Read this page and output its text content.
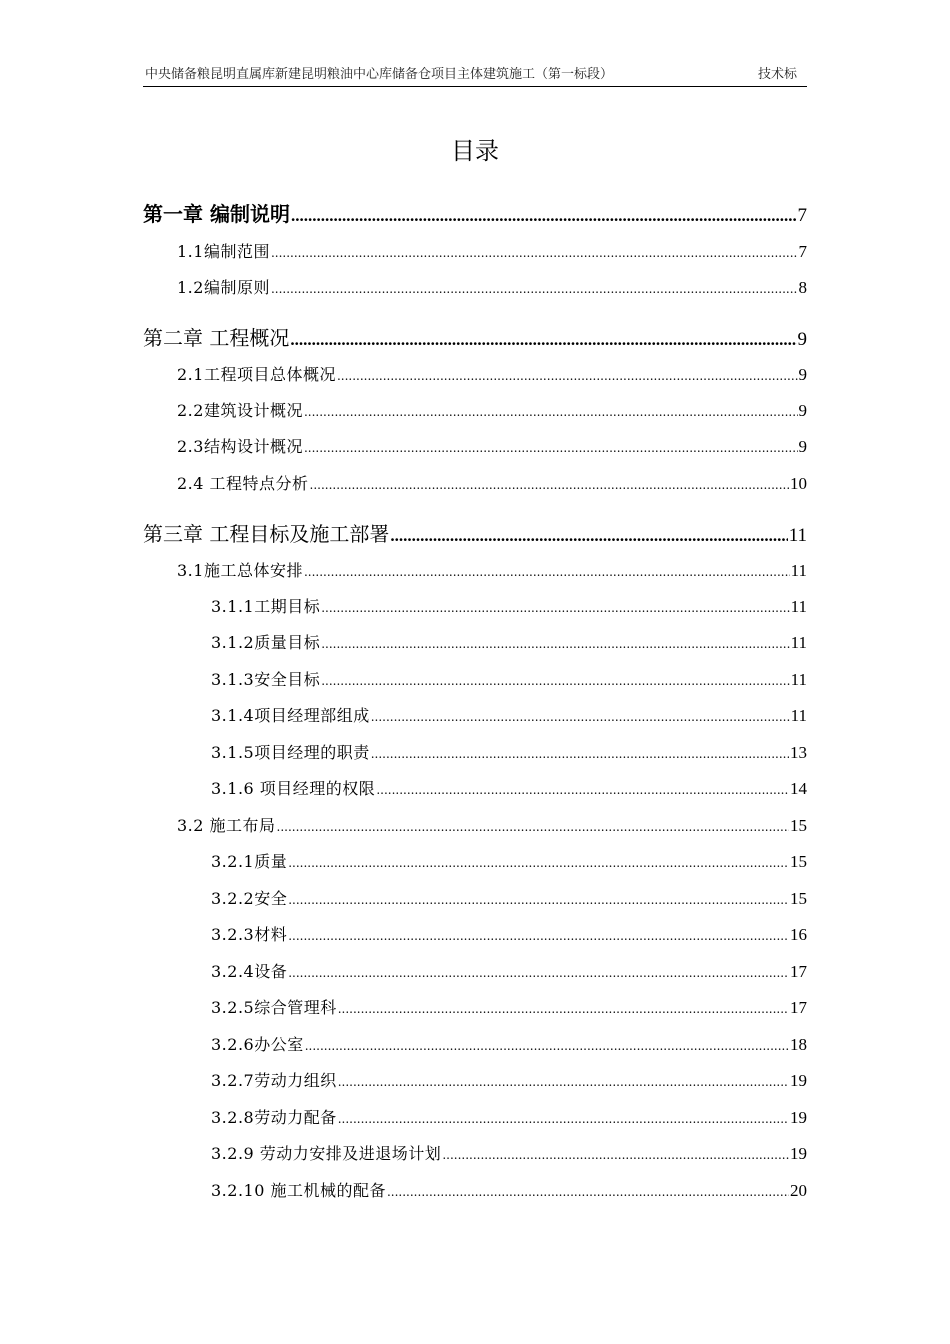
中央储备粮昆明直属库新建昆明粮油中心库储备仓项目主体建筑施工（第一标段）	技术标
目录
第一章 编制说明 .....	7
1.1编制范围 .....	7
1.2编制原则 .....	8
第二章 工程概况 .....	9
2.1工程项目总体概况 .....	9
2.2建筑设计概况 .....	9
2.3结构设计概况 .....	9
2.4 工程特点分析 .....	10
第三章 工程目标及施工部署 .....	11
3.1施工总体安排 .....	11
3.1.1工期目标 .....	11
3.1.2质量目标 .....	11
3.1.3安全目标 .....	11
3.1.4项目经理部组成 .....	11
3.1.5项目经理的职责 .....	13
3.1.6 项目经理的权限 .....	14
3.2 施工布局 .....	15
3.2.1质量 .....	15
3.2.2安全 .....	15
3.2.3材料 .....	16
3.2.4设备 .....	17
3.2.5综合管理科 .....	17
3.2.6办公室 .....	18
3.2.7劳动力组织 .....	19
3.2.8劳动力配备 .....	19
3.2.9 劳动力安排及进退场计划 .....	19
3.2.10 施工机械的配备 .....	20
